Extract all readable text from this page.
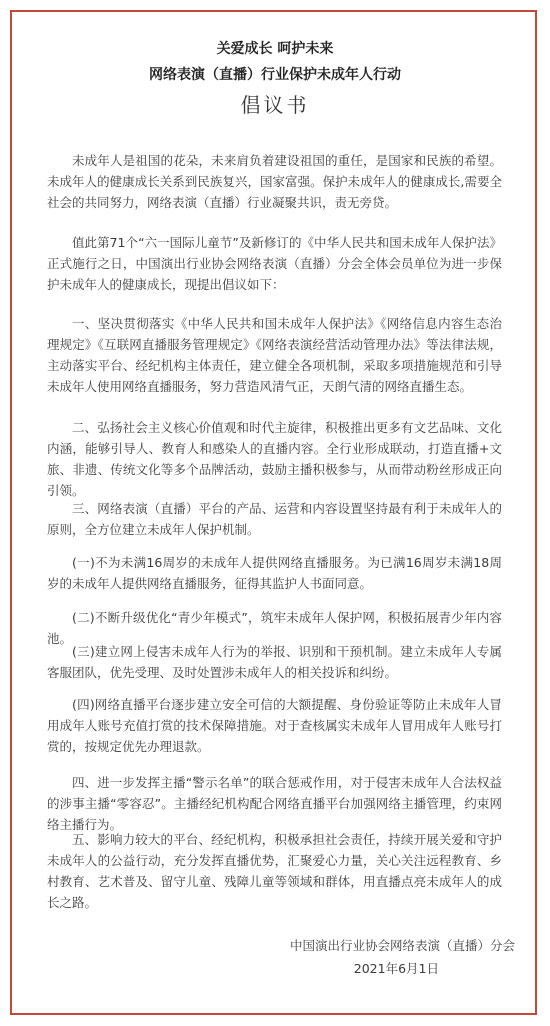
关爱成长 呵护未来
网络表演（直播）行业保护未成年人行动
倡议书

未成年人是祖国的花朵，未来肩负着建设祖国的重任，是国家和民族的希望。未成年人的健康成长关系到民族复兴，国家富强。保护未成年人的健康成长,需要全社会的共同努力，网络表演（直播）行业凝聚共识，责无旁贷。

值此第71个“六一国际儿童节”及新修订的《中华人民共和国未成年人保护法》正式施行之日，中国演出行业协会网络表演（直播）分会全体会员单位为进一步保护未成年人的健康成长，现提出倡议如下：

一、坚决贯彻落实《中华人民共和国未成年人保护法》《网络信息内容生态治理规定》《互联网直播服务管理规定》《网络表演经营活动管理办法》等法律法规，主动落实平台、经纪机构主体责任，建立健全各项机制，采取多项措施规范和引导未成年人使用网络直播服务，努力营造风清气正，天朗气清的网络直播生态。

二、弘扬社会主义核心价值观和时代主旋律，积极推出更多有文艺品味、文化内涵，能够引导人、教育人和感染人的直播内容。全行业形成联动，打造直播+文旅、非遗、传统文化等多个品牌活动，鼓励主播积极参与，从而带动粉丝形成正向引领。

三、网络表演（直播）平台的产品、运营和内容设置坚持最有利于未成年人的原则，全方位建立未成年人保护机制。

(一)不为未满16周岁的未成年人提供网络直播服务。为已满16周岁未满18周岁的未成年人提供网络直播服务，征得其监护人书面同意。

(二)不断升级优化“青少年模式”，筑牢未成年人保护网，积极拓展青少年内容池。

(三)建立网上侵害未成年人行为的举报、识别和干预机制。建立未成年人专属客服团队，优先受理、及时处置涉未成年人的相关投诉和纠纷。

(四)网络直播平台逐步建立安全可信的大额提醒、身份验证等防止未成年人冒用成年人账号充值打赏的技术保障措施。对于查核属实未成年人冒用成年人账号打赏的，按规定优先办理退款。

四、进一步发挥主播“警示名单”的联合惩戒作用，对于侵害未成年人合法权益的涉事主播“零容忍”。主播经纪机构配合网络直播平台加强网络主播管理，约束网络主播行为。

五、影响力较大的平台、经纪机构，积极承担社会责任，持续开展关爱和守护未成年人的公益行动，充分发挥直播优势，汇聚爱心力量，关心关注远程教育、乡村教育、艺术普及、留守儿童、残障儿童等领域和群体，用直播点亮未成年人的成长之路。

中国演出行业协会网络表演（直播）分会
2021年6月1日
